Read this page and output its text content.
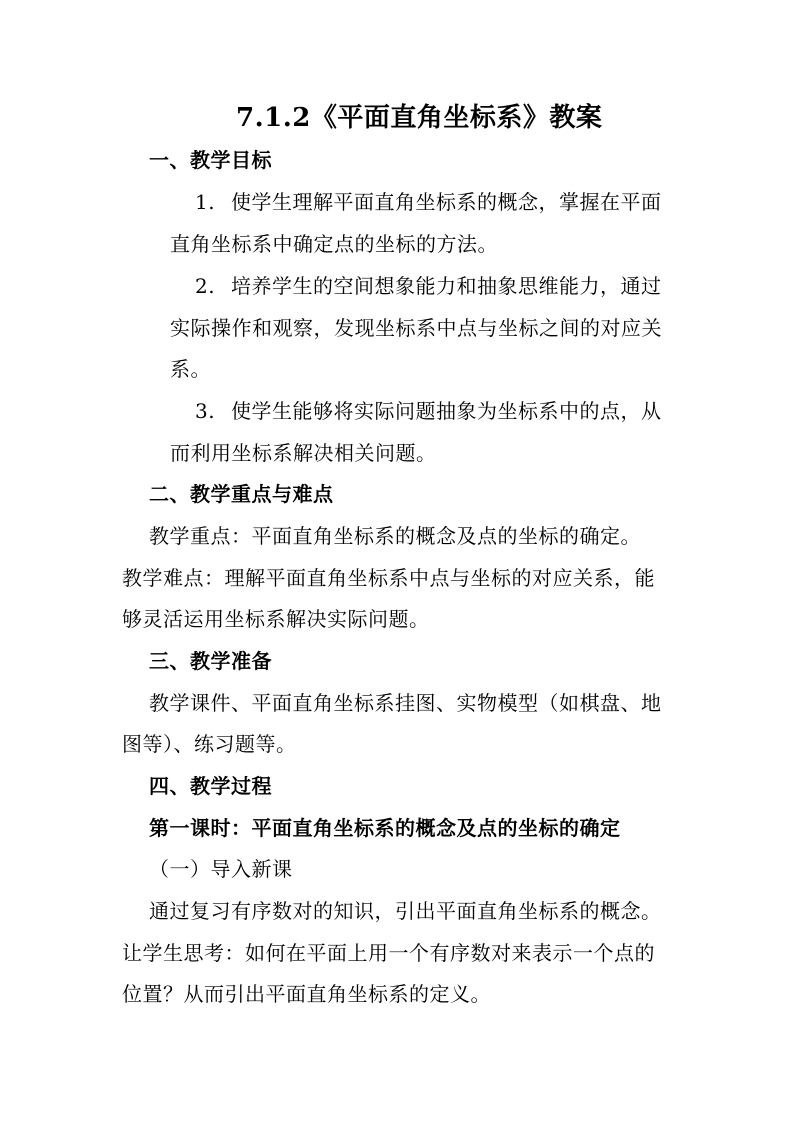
7.1.2《平面直角坐标系》教案
一、教学目标
1. 使学生理解平面直角坐标系的概念，掌握在平面
直角坐标系中确定点的坐标的方法。
2. 培养学生的空间想象能力和抽象思维能力，通过
实际操作和观察，发现坐标系中点与坐标之间的对应关
系。
3. 使学生能够将实际问题抽象为坐标系中的点，从
而利用坐标系解决相关问题。
二、教学重点与难点
教学重点：平面直角坐标系的概念及点的坐标的确定。
教学难点：理解平面直角坐标系中点与坐标的对应关系，能
够灵活运用坐标系解决实际问题。
三、教学准备
教学课件、平面直角坐标系挂图、实物模型（如棋盘、地
图等）、练习题等。
四、教学过程
第一课时：平面直角坐标系的概念及点的坐标的确定
（一）导入新课
通过复习有序数对的知识，引出平面直角坐标系的概念。
让学生思考：如何在平面上用一个有序数对来表示一个点的
位置？从而引出平面直角坐标系的定义。
